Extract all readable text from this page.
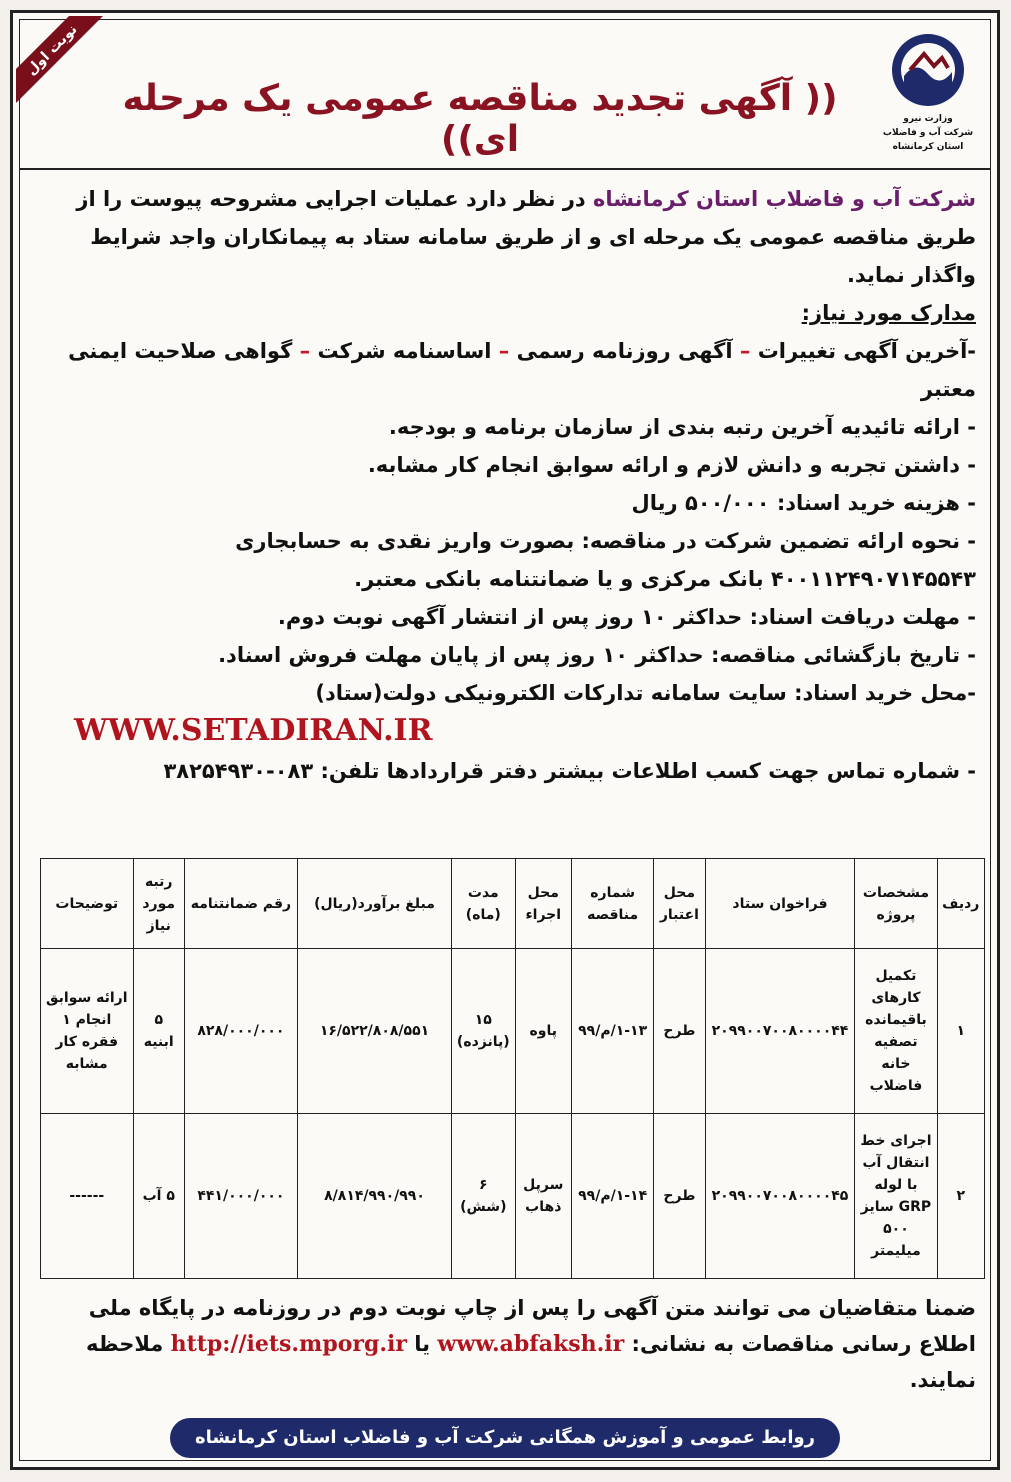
نوبت اول
(( آگهی تجدید مناقصه عمومی یک مرحله ای))	وزارت نیرو
شرکت آب و فاضلاب
استان کرمانشاه

شرکت آب و فاضلاب استان کرمانشاه در نظر دارد عملیات اجرایی مشروحه پیوست را از طریق مناقصه عمومی یک مرحله ای و از طریق سامانه ستاد به پیمانکاران واجد شرایط واگذار نماید.

مدارک مورد نیاز:

-آخرین آگهی تغییرات – آگهی روزنامه رسمی – اساسنامه شرکت – گواهی صلاحیت ایمنی معتبر

- ارائه تائیدیه آخرین رتبه بندی از سازمان برنامه و بودجه.

- داشتن تجربه و دانش لازم و ارائه سوابق انجام کار مشابه.

- هزینه خرید اسناد: ۵۰۰/۰۰۰ ریال

- نحوه ارائه تضمین شرکت در مناقصه: بصورت واریز نقدی به حسابجاری ۴۰۰۱۱۲۴۹۰۷۱۴۵۵۴۳ بانک مرکزی و یا ضمانتنامه بانکی معتبر.

- مهلت دریافت اسناد: حداکثر ۱۰ روز پس از انتشار آگهی نوبت دوم.

- تاریخ بازگشائی مناقصه: حداکثر ۱۰ روز پس از پایان مهلت فروش اسناد.

-محل خرید اسناد: سایت سامانه تدارکات الکترونیکی دولت(ستاد)

WWW.SETADIRAN.IR

- شماره تماس جهت کسب اطلاعات بیشتر دفتر قراردادها تلفن: ۰۸۳-۳۸۲۵۴۹۳۰

ردیف	مشخصات پروژه	فراخوان ستاد	محل اعتبار	شماره مناقصه	محل اجراء	مدت (ماه)	مبلغ برآورد(ریال)	رقم ضمانتنامه	رتبه مورد نیاز	توضیحات
۱	تکمیل کارهای باقیمانده تصفیه خانه فاضلاب	۲۰۹۹۰۰۷۰۰۸۰۰۰۰۴۴	طرح	۱-۱۳/م/۹۹	پاوه	۱۵ (پانزده)	۱۶/۵۲۲/۸۰۸/۵۵۱	۸۲۸/۰۰۰/۰۰۰	۵ ابنیه	ارائه سوابق انجام ۱ فقره کار مشابه
۲	اجرای خط انتقال آب با لوله GRP سایز ۵۰۰ میلیمتر	۲۰۹۹۰۰۷۰۰۸۰۰۰۰۴۵	طرح	۱-۱۴/م/۹۹	سرپل ذهاب	۶ (شش)	۸/۸۱۴/۹۹۰/۹۹۰	۴۴۱/۰۰۰/۰۰۰	۵ آب	------
ضمنا متقاضیان می توانند متن آگهی را پس از چاپ نوبت دوم در روزنامه در پایگاه ملی اطلاع رسانی مناقصات به نشانی: www.abfaksh.ir یا http://iets.mporg.ir ملاحظه نمایند.
روابط عمومی و آموزش همگانی شرکت آب و فاضلاب استان کرمانشاه
